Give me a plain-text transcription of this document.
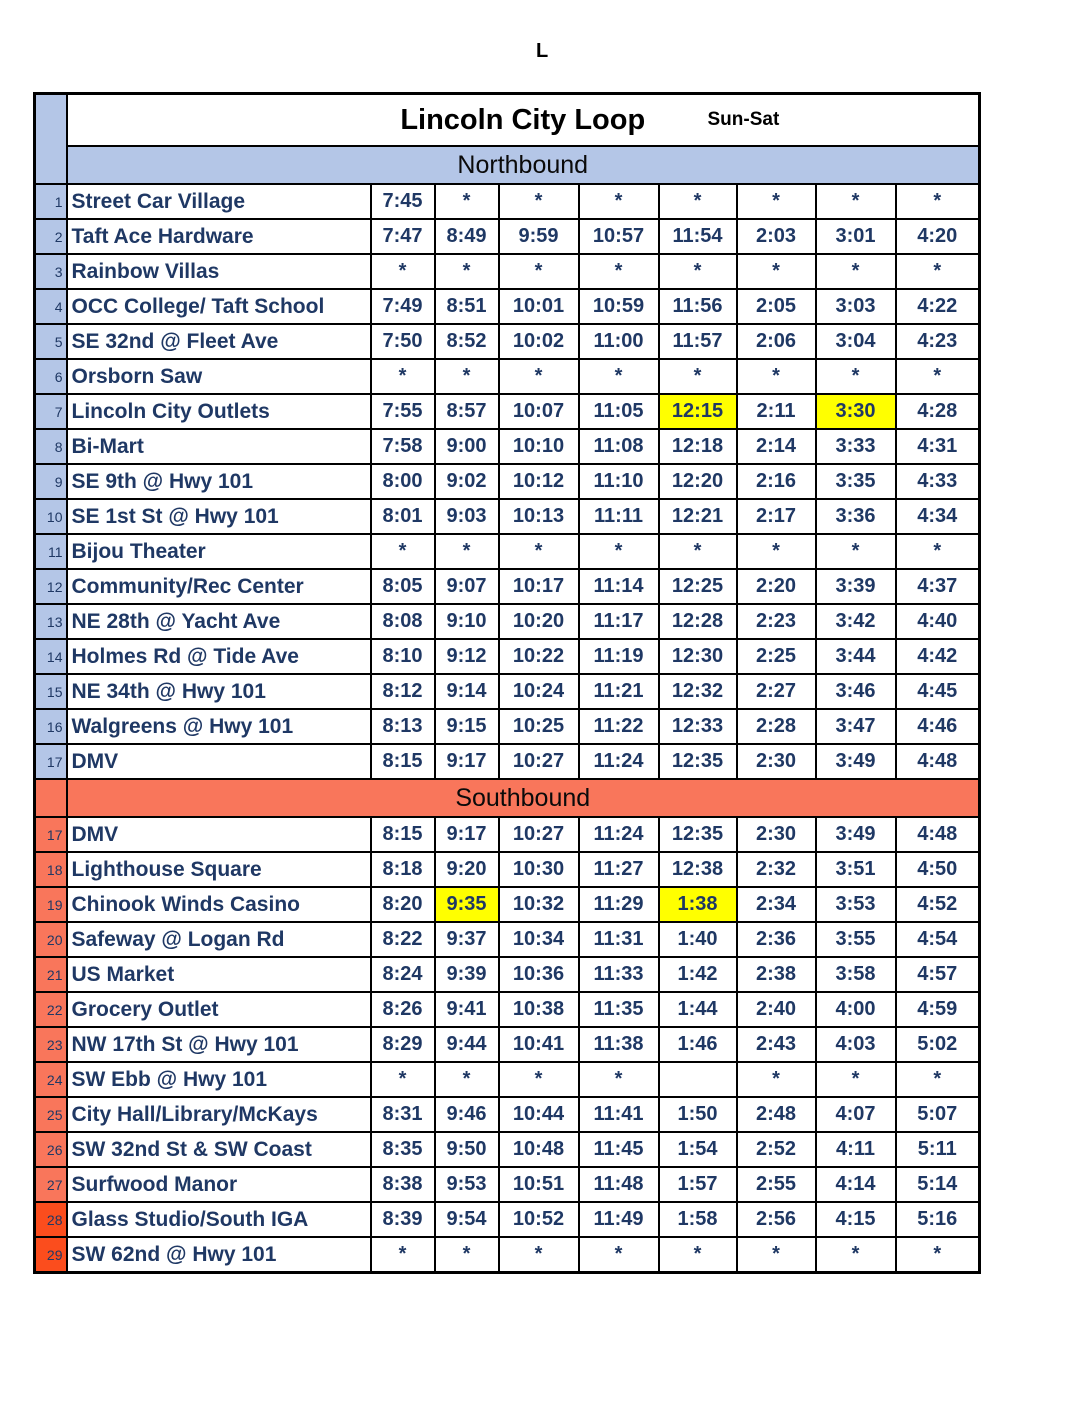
L
	Lincoln City Loop Sun-Sat								

	Northbound								
1	Street Car Village	7:45	*	*	*	*	*	*	*
2	Taft Ace Hardware	7:47	8:49	9:59	10:57	11:54	2:03	3:01	4:20
3	Rainbow Villas	*	*	*	*	*	*	*	*
4	OCC College/ Taft School	7:49	8:51	10:01	10:59	11:56	2:05	3:03	4:22
5	SE 32nd @ Fleet Ave	7:50	8:52	10:02	11:00	11:57	2:06	3:04	4:23
6	Orsborn Saw	*	*	*	*	*	*	*	*
7	Lincoln City Outlets	7:55	8:57	10:07	11:05	12:15	2:11	3:30	4:28
8	Bi-Mart	7:58	9:00	10:10	11:08	12:18	2:14	3:33	4:31
9	SE 9th @ Hwy 101	8:00	9:02	10:12	11:10	12:20	2:16	3:35	4:33
10	SE 1st St @ Hwy 101	8:01	9:03	10:13	11:11	12:21	2:17	3:36	4:34
11	Bijou Theater	*	*	*	*	*	*	*	*
12	Community/Rec Center	8:05	9:07	10:17	11:14	12:25	2:20	3:39	4:37
13	NE 28th @ Yacht Ave	8:08	9:10	10:20	11:17	12:28	2:23	3:42	4:40
14	Holmes Rd @ Tide Ave	8:10	9:12	10:22	11:19	12:30	2:25	3:44	4:42
15	NE 34th @ Hwy 101	8:12	9:14	10:24	11:21	12:32	2:27	3:46	4:45
16	Walgreens @ Hwy 101	8:13	9:15	10:25	11:22	12:33	2:28	3:47	4:46
17	DMV	8:15	9:17	10:27	11:24	12:35	2:30	3:49	4:48
	Southbound								
17	DMV	8:15	9:17	10:27	11:24	12:35	2:30	3:49	4:48
18	Lighthouse Square	8:18	9:20	10:30	11:27	12:38	2:32	3:51	4:50
19	Chinook Winds Casino	8:20	9:35	10:32	11:29	1:38	2:34	3:53	4:52
20	Safeway @ Logan Rd	8:22	9:37	10:34	11:31	1:40	2:36	3:55	4:54
21	US Market	8:24	9:39	10:36	11:33	1:42	2:38	3:58	4:57
22	Grocery Outlet	8:26	9:41	10:38	11:35	1:44	2:40	4:00	4:59
23	NW 17th St @ Hwy 101	8:29	9:44	10:41	11:38	1:46	2:43	4:03	5:02
24	SW Ebb @ Hwy 101	*	*	*	*		*	*	*
25	City Hall/Library/McKays	8:31	9:46	10:44	11:41	1:50	2:48	4:07	5:07
26	SW 32nd St & SW Coast	8:35	9:50	10:48	11:45	1:54	2:52	4:11	5:11
27	Surfwood Manor	8:38	9:53	10:51	11:48	1:57	2:55	4:14	5:14
28	Glass Studio/South IGA	8:39	9:54	10:52	11:49	1:58	2:56	4:15	5:16
29	SW 62nd @ Hwy 101	*	*	*	*	*	*	*	*
